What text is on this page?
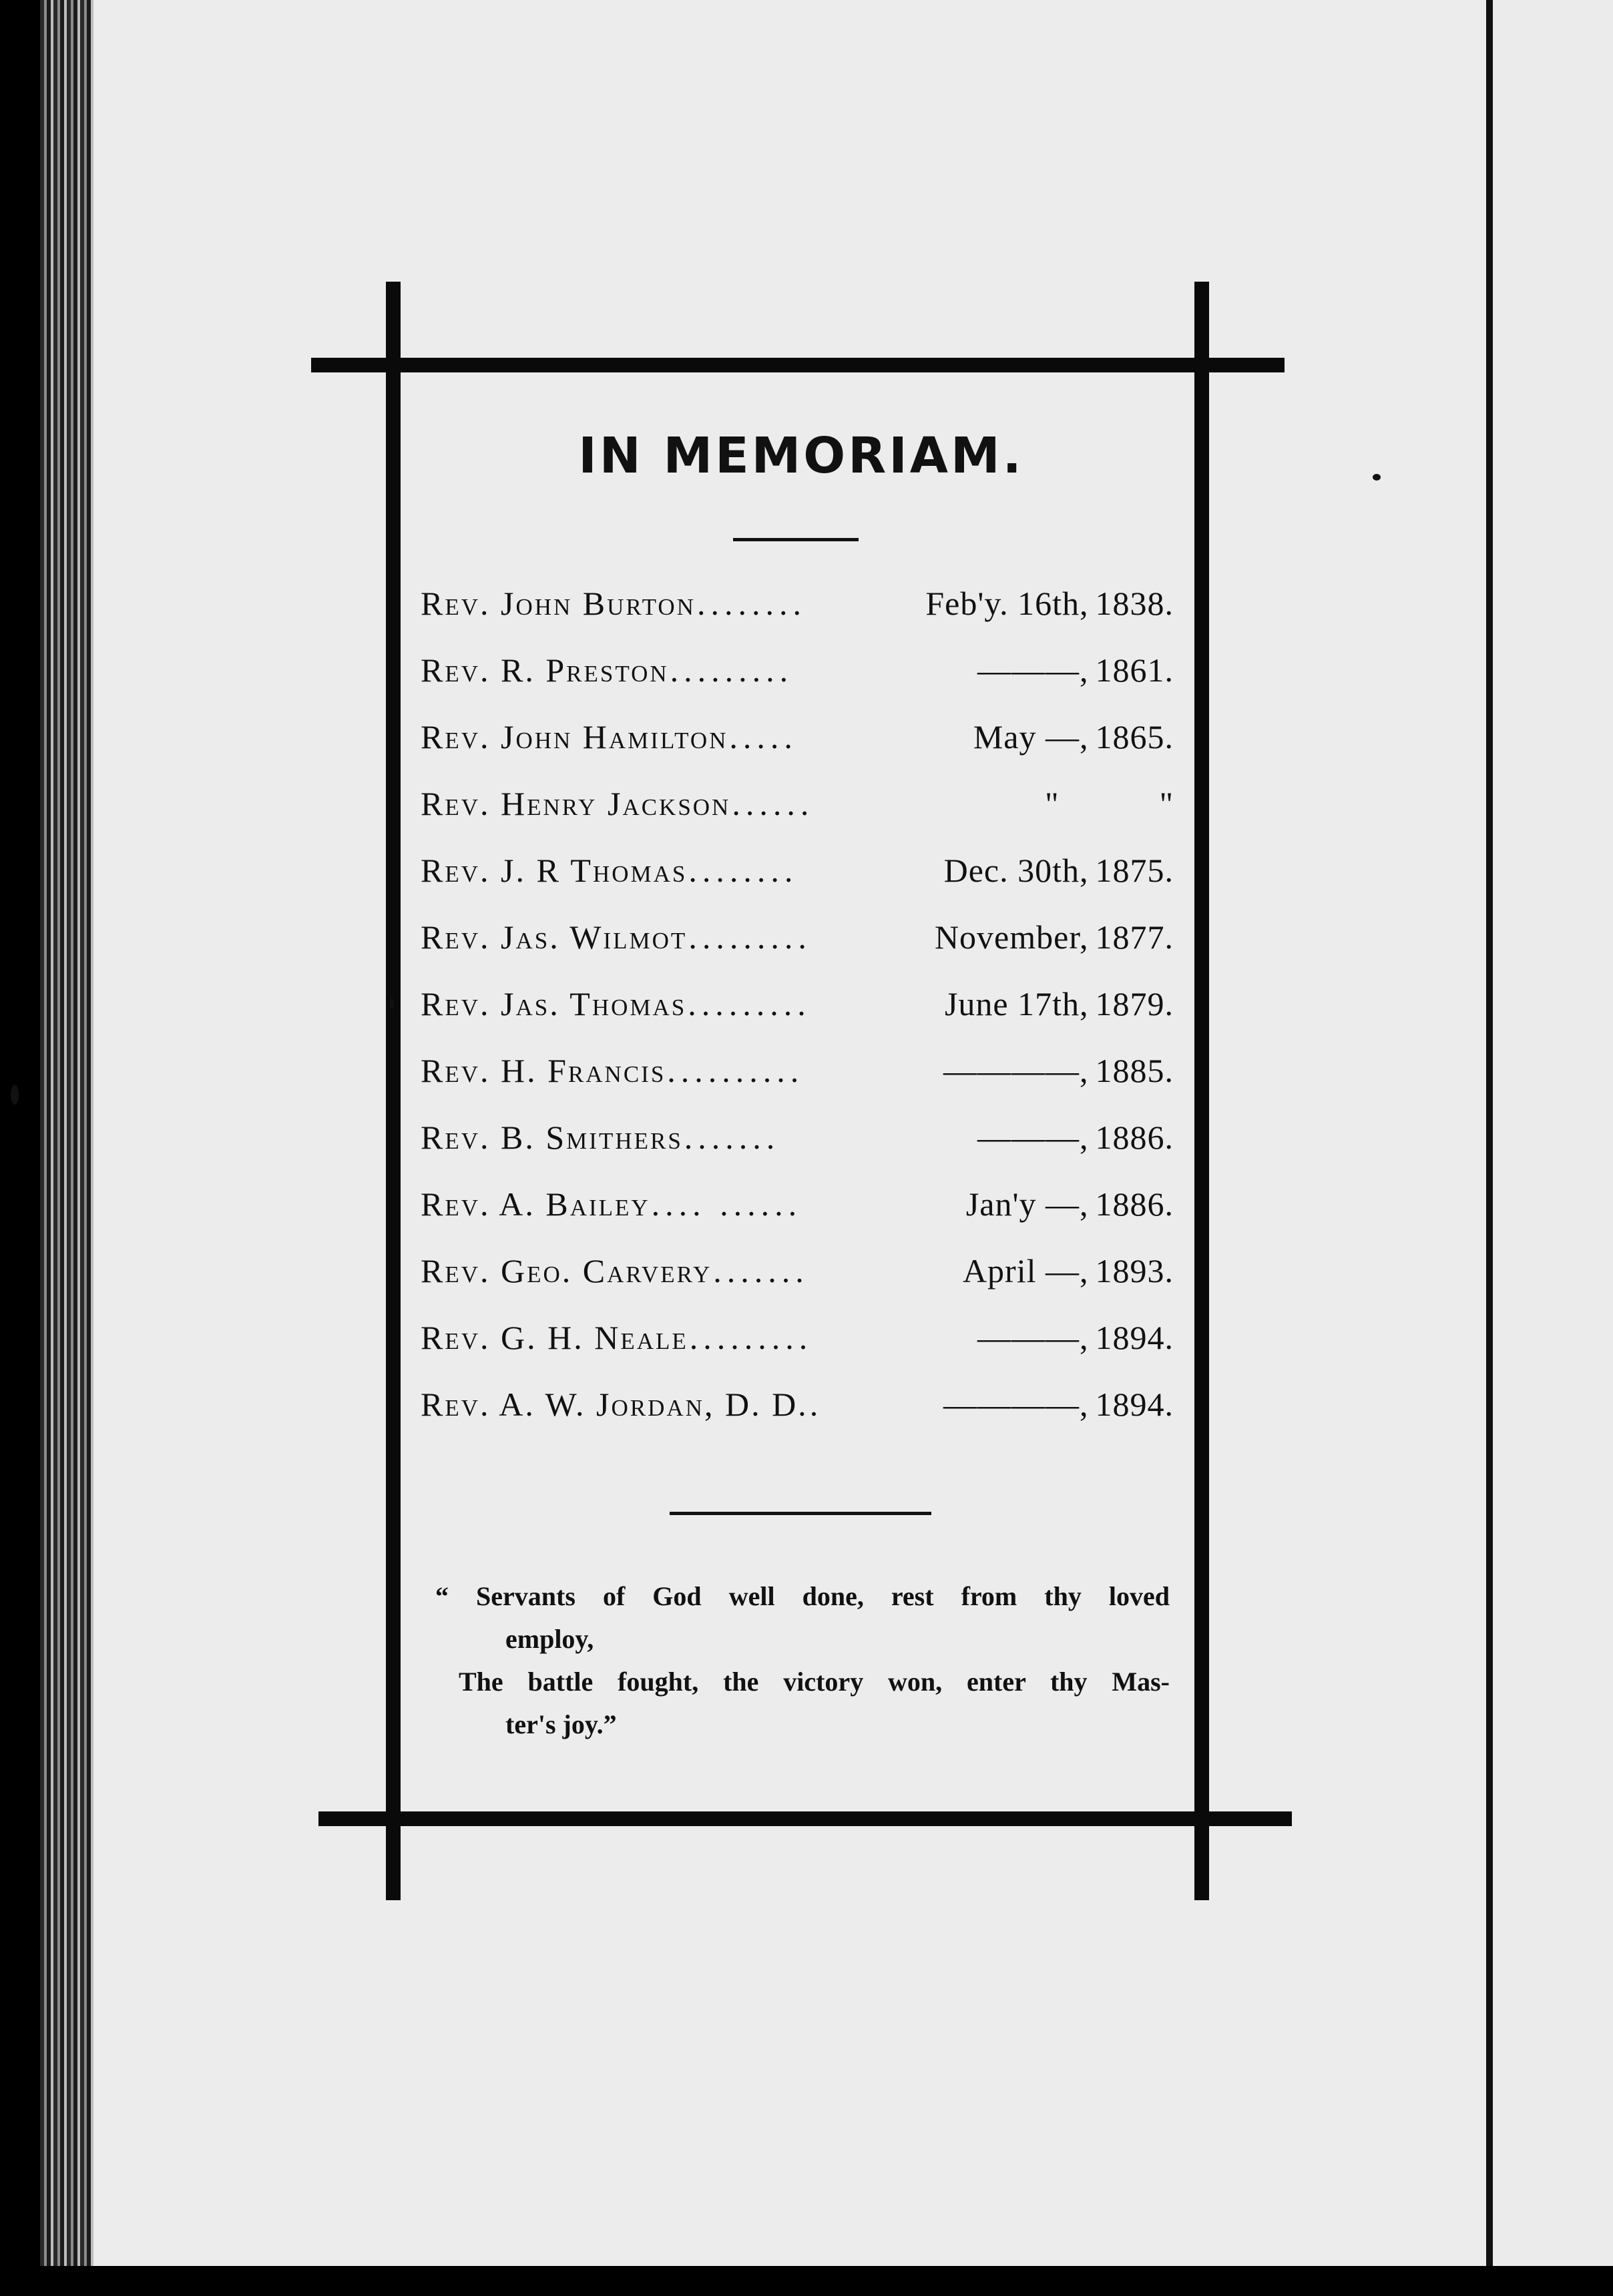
IN MEMORIAM.
Rev. John Burton ........	Feb'y. 16th, 1838.
Rev. R. Preston .........	———, 1861.
Rev. John Hamilton .....	May —, 1865.
Rev. Henry Jackson ......	"	"
Rev. J. R Thomas ........	Dec. 30th, 1875.
Rev. Jas. Wilmot .........	November, 1877.
Rev. Jas. Thomas .........	June 17th, 1879.
Rev. H. Francis ..........	————, 1885.
Rev. B. Smithers .......	———, 1886.
Rev. A. Bailey .... ......	Jan'y —, 1886.
Rev. Geo. Carvery .......	April —, 1893.
Rev. G. H. Neale .........	———, 1894.
Rev. A. W. Jordan, D. D. .	————, 1894.

“ Servants of God well done, rest from thy loved
employ,
The battle fought, the victory won, enter thy Mas-
ter's joy.”
